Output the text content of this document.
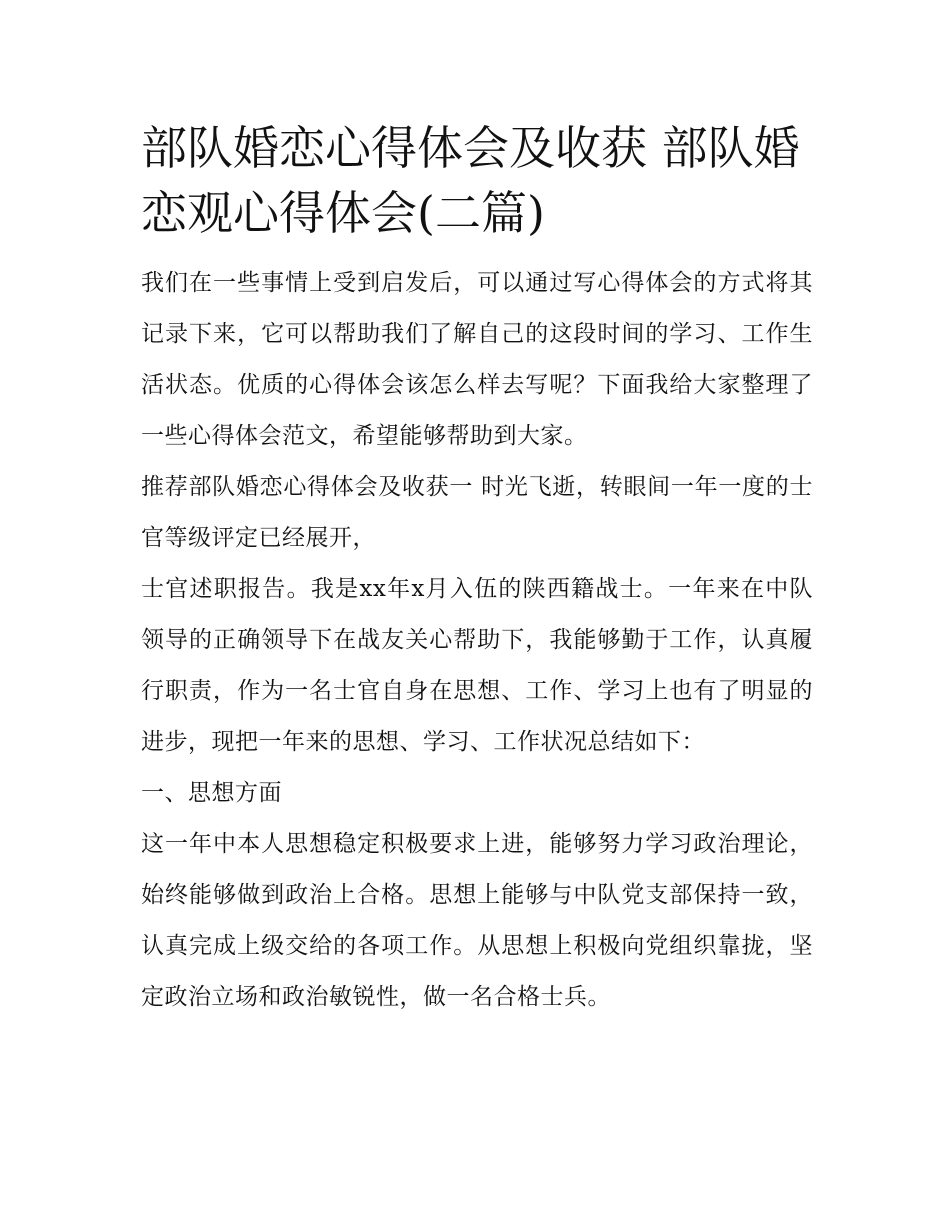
部队婚恋心得体会及收获 部队婚恋观心得体会(二篇)

我们在一些事情上受到启发后，可以通过写心得体会的方式将其记录下来，它可以帮助我们了解自己的这段时间的学习、工作生活状态。优质的心得体会该怎么样去写呢？下面我给大家整理了一些心得体会范文，希望能够帮助到大家。

推荐部队婚恋心得体会及收获一 时光飞逝，转眼间一年一度的士官等级评定已经展开，

士官述职报告。我是xx年x月入伍的陕西籍战士。一年来在中队领导的正确领导下在战友关心帮助下，我能够勤于工作，认真履行职责，作为一名士官自身在思想、工作、学习上也有了明显的进步，现把一年来的思想、学习、工作状况总结如下：

一、思想方面

这一年中本人思想稳定积极要求上进，能够努力学习政治理论，始终能够做到政治上合格。思想上能够与中队党支部保持一致，认真完成上级交给的各项工作。从思想上积极向党组织靠拢，坚定政治立场和政治敏锐性，做一名合格士兵。
